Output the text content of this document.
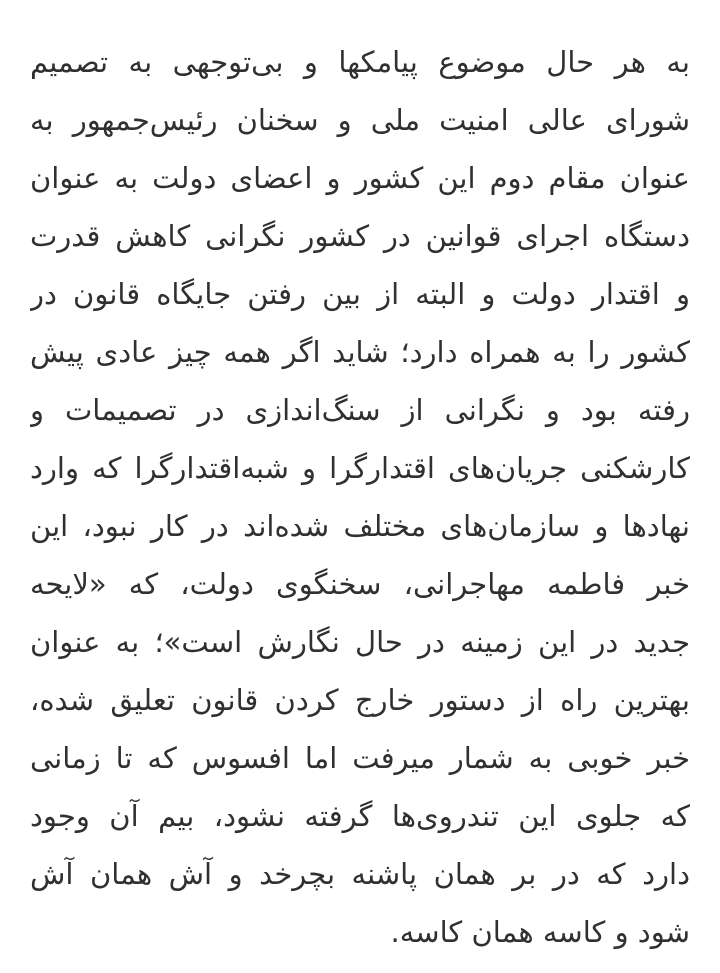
به هر حال موضوع پیامکها و بی‌توجهی به تصمیم
شورای عالی امنیت ملی و سخنان رئیس‌جمهور به
عنوان مقام دوم این کشور و اعضای دولت به عنوان
دستگاه اجرای قوانین در کشور نگرانی کاهش قدرت
و اقتدار دولت و البته از بین رفتن جایگاه قانون در
کشور را به همراه دارد؛ شاید اگر همه چیز عادی پیش
رفته بود و نگرانی از سنگ‌اندازی در تصمیمات و
کارشکنی جریان‌های اقتدارگرا و شبه‌اقتدارگرا که وارد
نهادها و سازمان‌های مختلف شده‌اند در کار نبود، این
خبر فاطمه مهاجرانی، سخنگوی دولت، که «لایحه
جدید در این زمینه در حال نگارش است»؛ به عنوان
بهترین راه از دستور خارج کردن قانون تعلیق شده،
خبر خوبی به شمار میرفت اما افسوس که تا زمانی
که جلوی این تندروی‌ها گرفته نشود، بیم آن وجود
دارد که در بر همان پاشنه بچرخد و آش همان آش
شود و کاسه همان کاسه.
